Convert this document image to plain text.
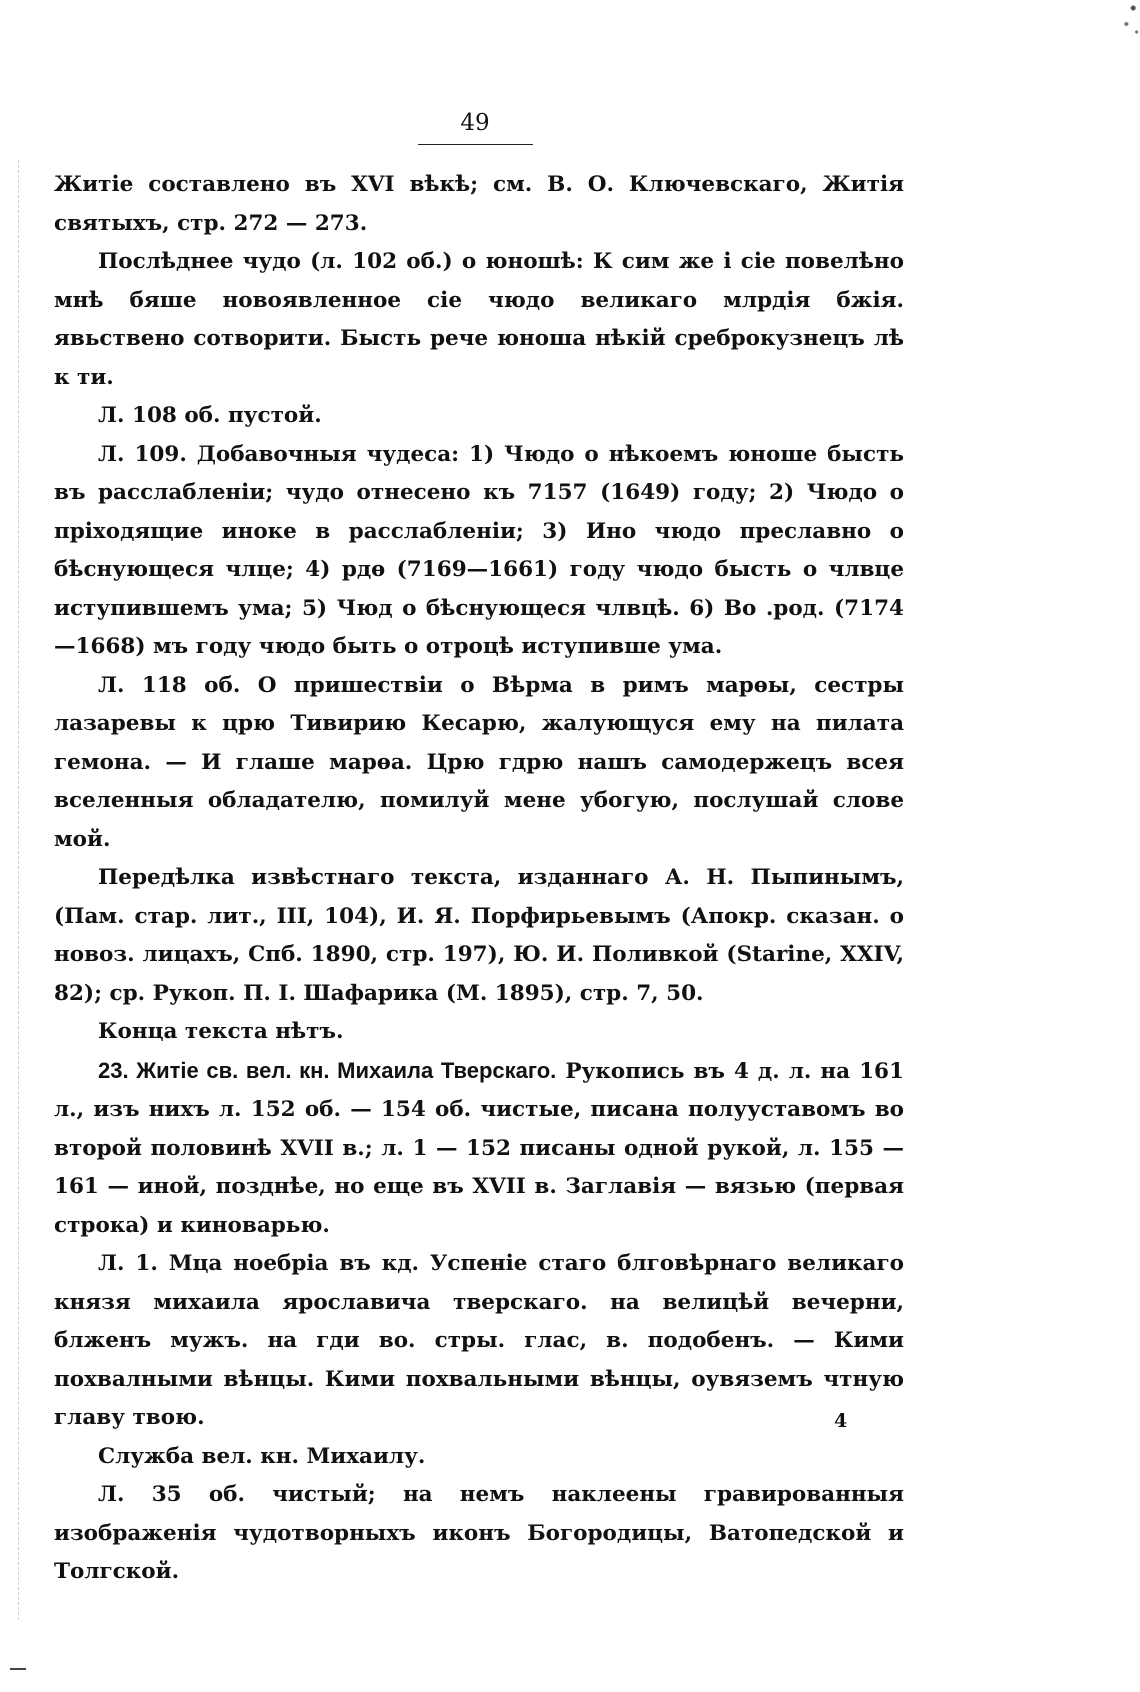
49

Житіе составлено въ XVI вѣкѣ; см. В. О. Ключевскаго, Житія святыхъ, стр. 272 — 273.

Послѣднее чудо (л. 102 об.) о юношѣ: К сим же і сіе повелѣно мнѣ бяше новоявленное сіе чюдо великаго млрдія бжія. явьствено сотворити. Бысть рече юноша нѣкій среброкузнецъ лѣ к ти.

Л. 108 об. пустой.

Л. 109. Добавочныя чудеса: 1) Чюдо о нѣкоемъ юноше бысть въ расслабленіи; чудо отнесено къ 7157 (1649) году; 2) Чюдо о пріходящие иноке в расслабленіи; 3) Ино чюдо преславно о бѣснующеся члце; 4) рдѳ (7169—1661) году чюдо бысть о члвце иступившемъ ума; 5) Чюд о бѣснующеся члвцѣ. 6) Во .род. (7174—1668) мъ году чюдо быть о отроцѣ иступивше ума.

Л. 118 об. О пришествіи о Вѣрма в римъ марѳы, сестры лазаревы к црю Тивирию Кесарю, жалующуся ему на пилата гемона. — И глаше марѳа. Црю гдрю нашъ самодержецъ всея вселенныя обладателю, помилуй мене убогую, послушай слове мой.

Передѣлка извѣстнаго текста, изданнаго А. Н. Пыпинымъ, (Пам. стар. лит., III, 104), И. Я. Порфирьевымъ (Апокр. сказан. о новоз. лицахъ, Спб. 1890, стр. 197), Ю. И. Поливкой (Starine, XXIV, 82); ср. Рукоп. П. I. Шафарика (М. 1895), стр. 7, 50.

Конца текста нѣтъ.

23. Житіе св. вел. кн. Михаила Тверскаго. Рукопись въ 4 д. л. на 161 л., изъ нихъ л. 152 об. — 154 об. чистые, писана полууставомъ во второй половинѣ XVII в.; л. 1 — 152 писаны одной рукой, л. 155 — 161 — иной, позднѣе, но еще въ XVII в. Заглавія — вязью (первая строка) и киноварью.

Л. 1. Мца ноебріа въ кд. Успеніе стаго блговѣрнаго великаго князя михаила ярославича тверскаго. на велицѣй вечерни, блженъ мужъ. на гди во. стры. глас, в. подобенъ. — Кими похвалными вѣнцы. Кими похвальными вѣнцы, оувяземъ чтную главу твою.

Служба вел. кн. Михаилу.

Л. 35 об. чистый; на немъ наклеены гравированныя изображенія чудотворныхъ иконъ Богородицы, Ватопедской и Толгской.

4
